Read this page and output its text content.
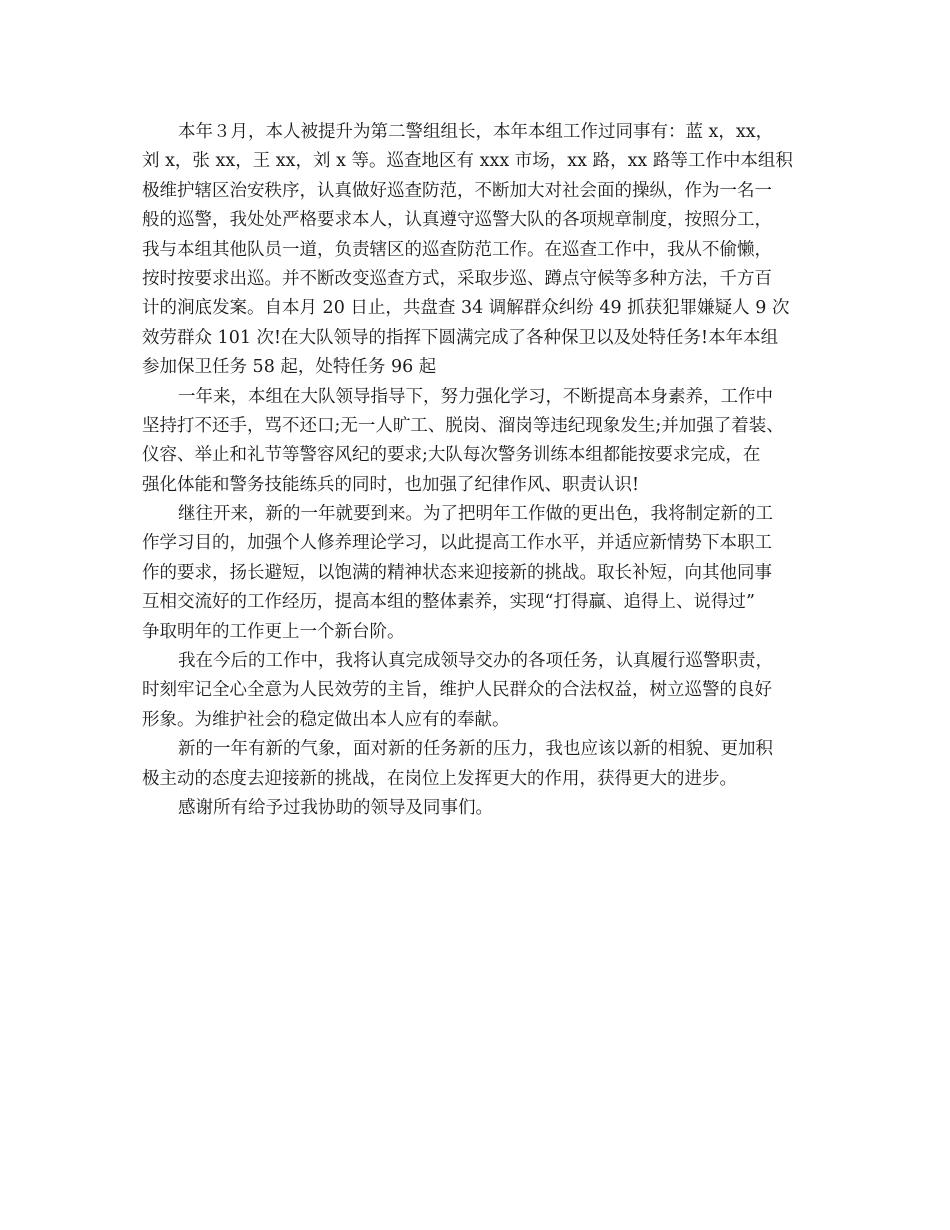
本年３月，本人被提升为第二警组组长，本年本组工作过同事有：蓝 x，xx，
刘 x，张 xx，王 xx，刘 x 等。巡查地区有 xxx 市场，xx 路，xx 路等工作中本组积
极维护辖区治安秩序，认真做好巡查防范，不断加大对社会面的操纵，作为一名一
般的巡警，我处处严格要求本人，认真遵守巡警大队的各项规章制度，按照分工，
我与本组其他队员一道，负责辖区的巡查防范工作。在巡查工作中，我从不偷懒，
按时按要求出巡。并不断改变巡查方式，采取步巡、蹲点守候等多种方法，千方百
计的涧底发案。自本月 20 日止，共盘查 34 调解群众纠纷 49 抓获犯罪嫌疑人 9 次
效劳群众 101 次!在大队领导的指挥下圆满完成了各种保卫以及处特任务!本年本组
参加保卫任务 58 起，处特任务 96 起
一年来，本组在大队领导指导下，努力强化学习，不断提高本身素养，工作中
坚持打不还手，骂不还口;无一人旷工、脱岗、溜岗等违纪现象发生;并加强了着装、
仪容、举止和礼节等警容风纪的要求;大队每次警务训练本组都能按要求完成，在
强化体能和警务技能练兵的同时，也加强了纪律作风、职责认识!
继往开来，新的一年就要到来。为了把明年工作做的更出色，我将制定新的工
作学习目的，加强个人修养理论学习，以此提高工作水平，并适应新情势下本职工
作的要求，扬长避短，以饱满的精神状态来迎接新的挑战。取长补短，向其他同事
互相交流好的工作经历，提高本组的整体素养，实现“打得赢、追得上、说得过”
争取明年的工作更上一个新台阶。
我在今后的工作中，我将认真完成领导交办的各项任务，认真履行巡警职责，
时刻牢记全心全意为人民效劳的主旨，维护人民群众的合法权益，树立巡警的良好
形象。为维护社会的稳定做出本人应有的奉献。
新的一年有新的气象，面对新的任务新的压力，我也应该以新的相貌、更加积
极主动的态度去迎接新的挑战，在岗位上发挥更大的作用，获得更大的进步。
感谢所有给予过我协助的领导及同事们。
